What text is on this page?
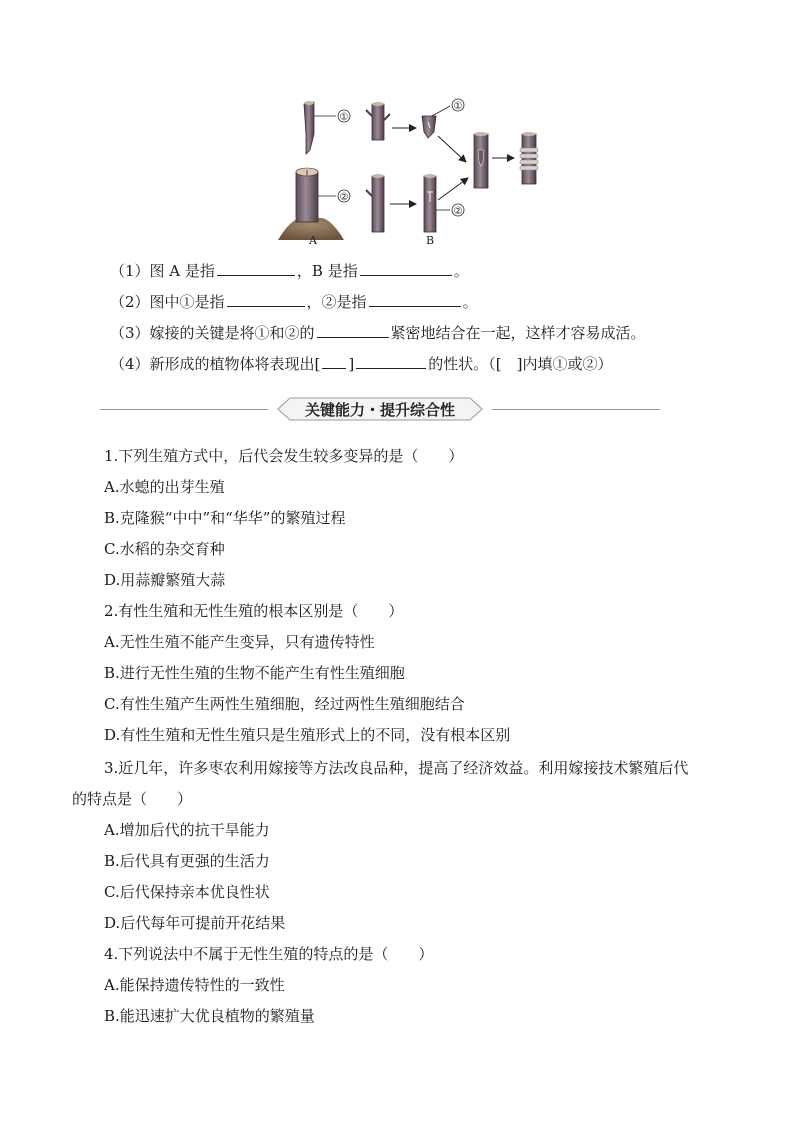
①
②
A
①
②
B
（1）图 A 是指	，B 是指	。
（2）图中①是指	，②是指	。
（3）嫁接的关键是将①和②的	紧密地结合在一起，这样才容易成活。
（4）新形成的植物体将表现出[ ]	的性状。（[　]内填①或②）
关键能力・提升综合性
1.下列生殖方式中，后代会发生较多变异的是（　　）
A.水螅的出芽生殖
B.克隆猴“中中”和“华华”的繁殖过程
C.水稻的杂交育种
D.用蒜瓣繁殖大蒜
2.有性生殖和无性生殖的根本区别是（　　）
A.无性生殖不能产生变异，只有遗传特性
B.进行无性生殖的生物不能产生有性生殖细胞
C.有性生殖产生两性生殖细胞，经过两性生殖细胞结合
D.有性生殖和无性生殖只是生殖形式上的不同，没有根本区别
3.近几年，许多枣农利用嫁接等方法改良品种，提高了经济效益。利用嫁接技术繁殖后代
的特点是（　　）
A.增加后代的抗干旱能力
B.后代具有更强的生活力
C.后代保持亲本优良性状
D.后代每年可提前开花结果
4.下列说法中不属于无性生殖的特点的是（　　）
A.能保持遗传特性的一致性
B.能迅速扩大优良植物的繁殖量
